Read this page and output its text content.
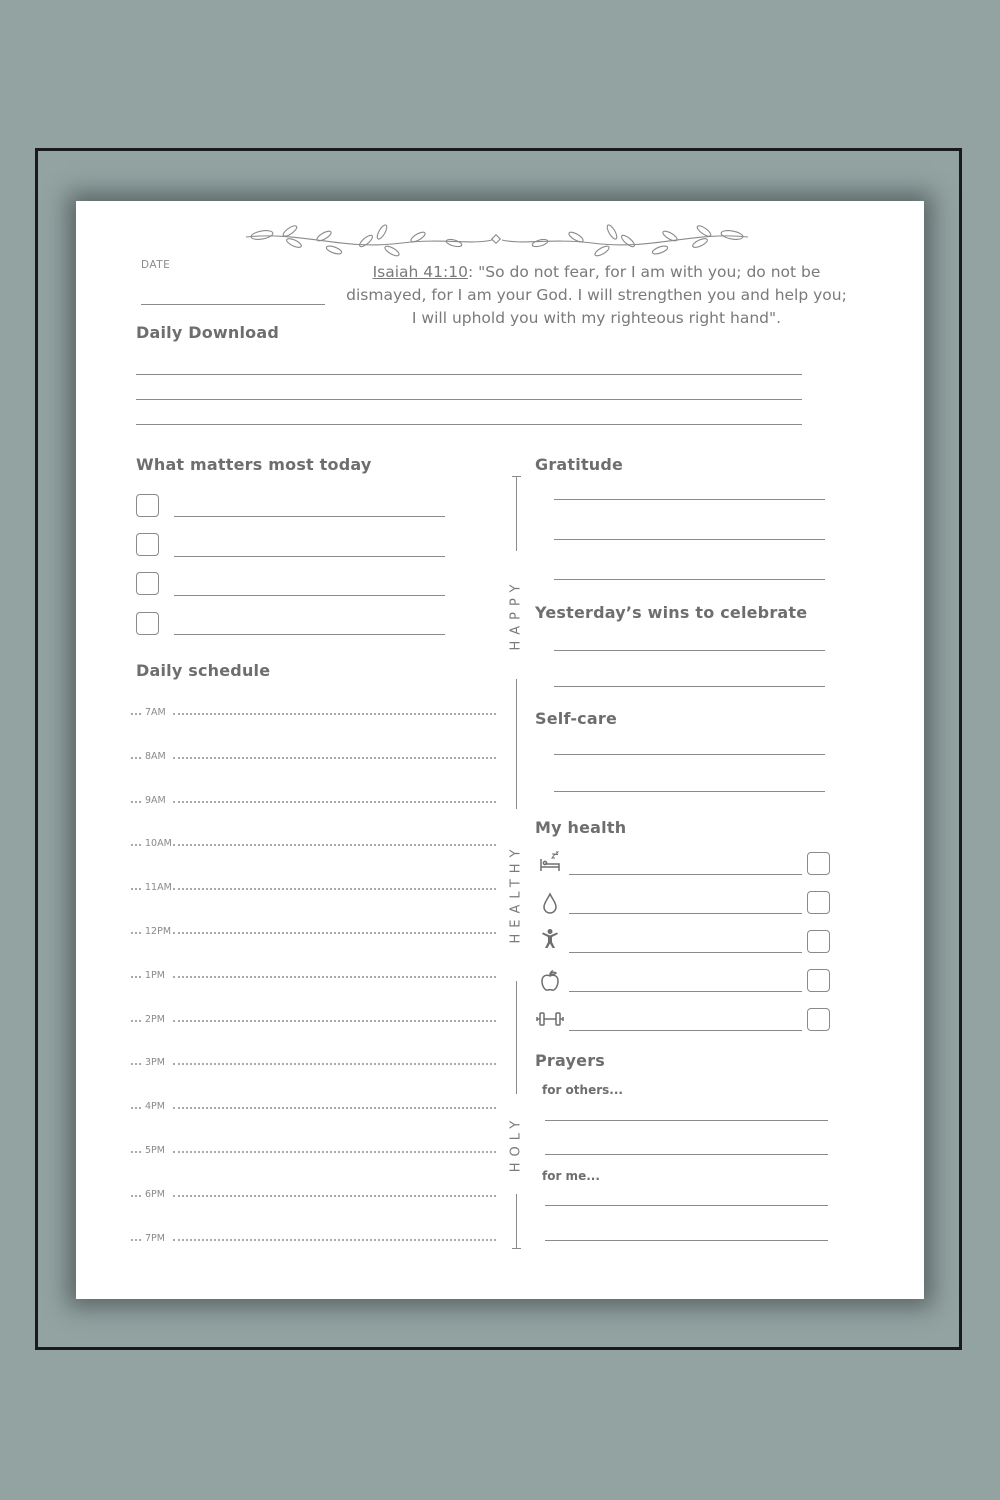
DATE	Isaiah 41:10: "So do not fear, for I am with you; do not be dismayed, for I am your God. I will strengthen you and help you; I will uphold you with my righteous right hand".
Daily Download
What matters most today
Daily schedule
7AM
8AM
9AM
10AM
11AM
12PM
1PM
2PM
3PM
4PM
5PM
6PM
7PM
HAPPY
HEALTHY
HOLY
Gratitude
Yesterday’s wins to celebrate
Self-care
My health
Prayers
for others...
for me...
